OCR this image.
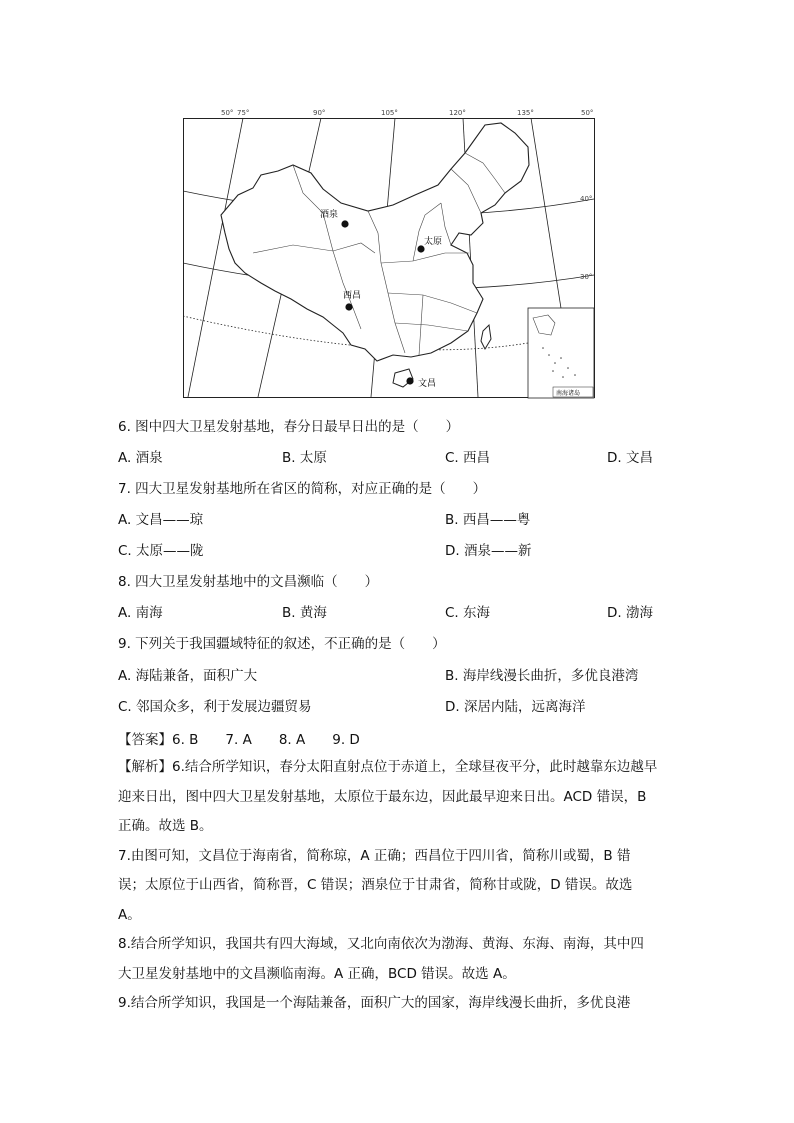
50° 75°	90°	105°	120°	135°	50°
40°
30°
南海诸岛
酒泉
太原
西昌
文昌
6. 图中四大卫星发射基地，春分日最早日出的是（　　）
A. 酒泉	B. 太原	C. 西昌	D. 文昌
7. 四大卫星发射基地所在省区的简称，对应正确的是（　　）
A. 文昌——琼	B. 西昌——粤
C. 太原——陇	D. 酒泉——新
8. 四大卫星发射基地中的文昌濒临（　　）
A. 南海	B. 黄海	C. 东海	D. 渤海
9. 下列关于我国疆域特征的叙述，不正确的是（　　）
A. 海陆兼备，面积广大	B. 海岸线漫长曲折，多优良港湾
C. 邻国众多，利于发展边疆贸易	D. 深居内陆，远离海洋
【答案】6. B　　7. A　　8. A　　9. D
【解析】6.结合所学知识，春分太阳直射点位于赤道上，全球昼夜平分，此时越靠东边越早
迎来日出，图中四大卫星发射基地，太原位于最东边，因此最早迎来日出。ACD 错误，B
正确。故选 B。
7.由图可知，文昌位于海南省，简称琼，A 正确；西昌位于四川省，简称川或蜀，B 错
误；太原位于山西省，简称晋，C 错误；酒泉位于甘肃省，简称甘或陇，D 错误。故选
A。
8.结合所学知识，我国共有四大海域，又北向南依次为渤海、黄海、东海、南海，其中四
大卫星发射基地中的文昌濒临南海。A 正确，BCD 错误。故选 A。
9.结合所学知识，我国是一个海陆兼备，面积广大的国家，海岸线漫长曲折，多优良港
